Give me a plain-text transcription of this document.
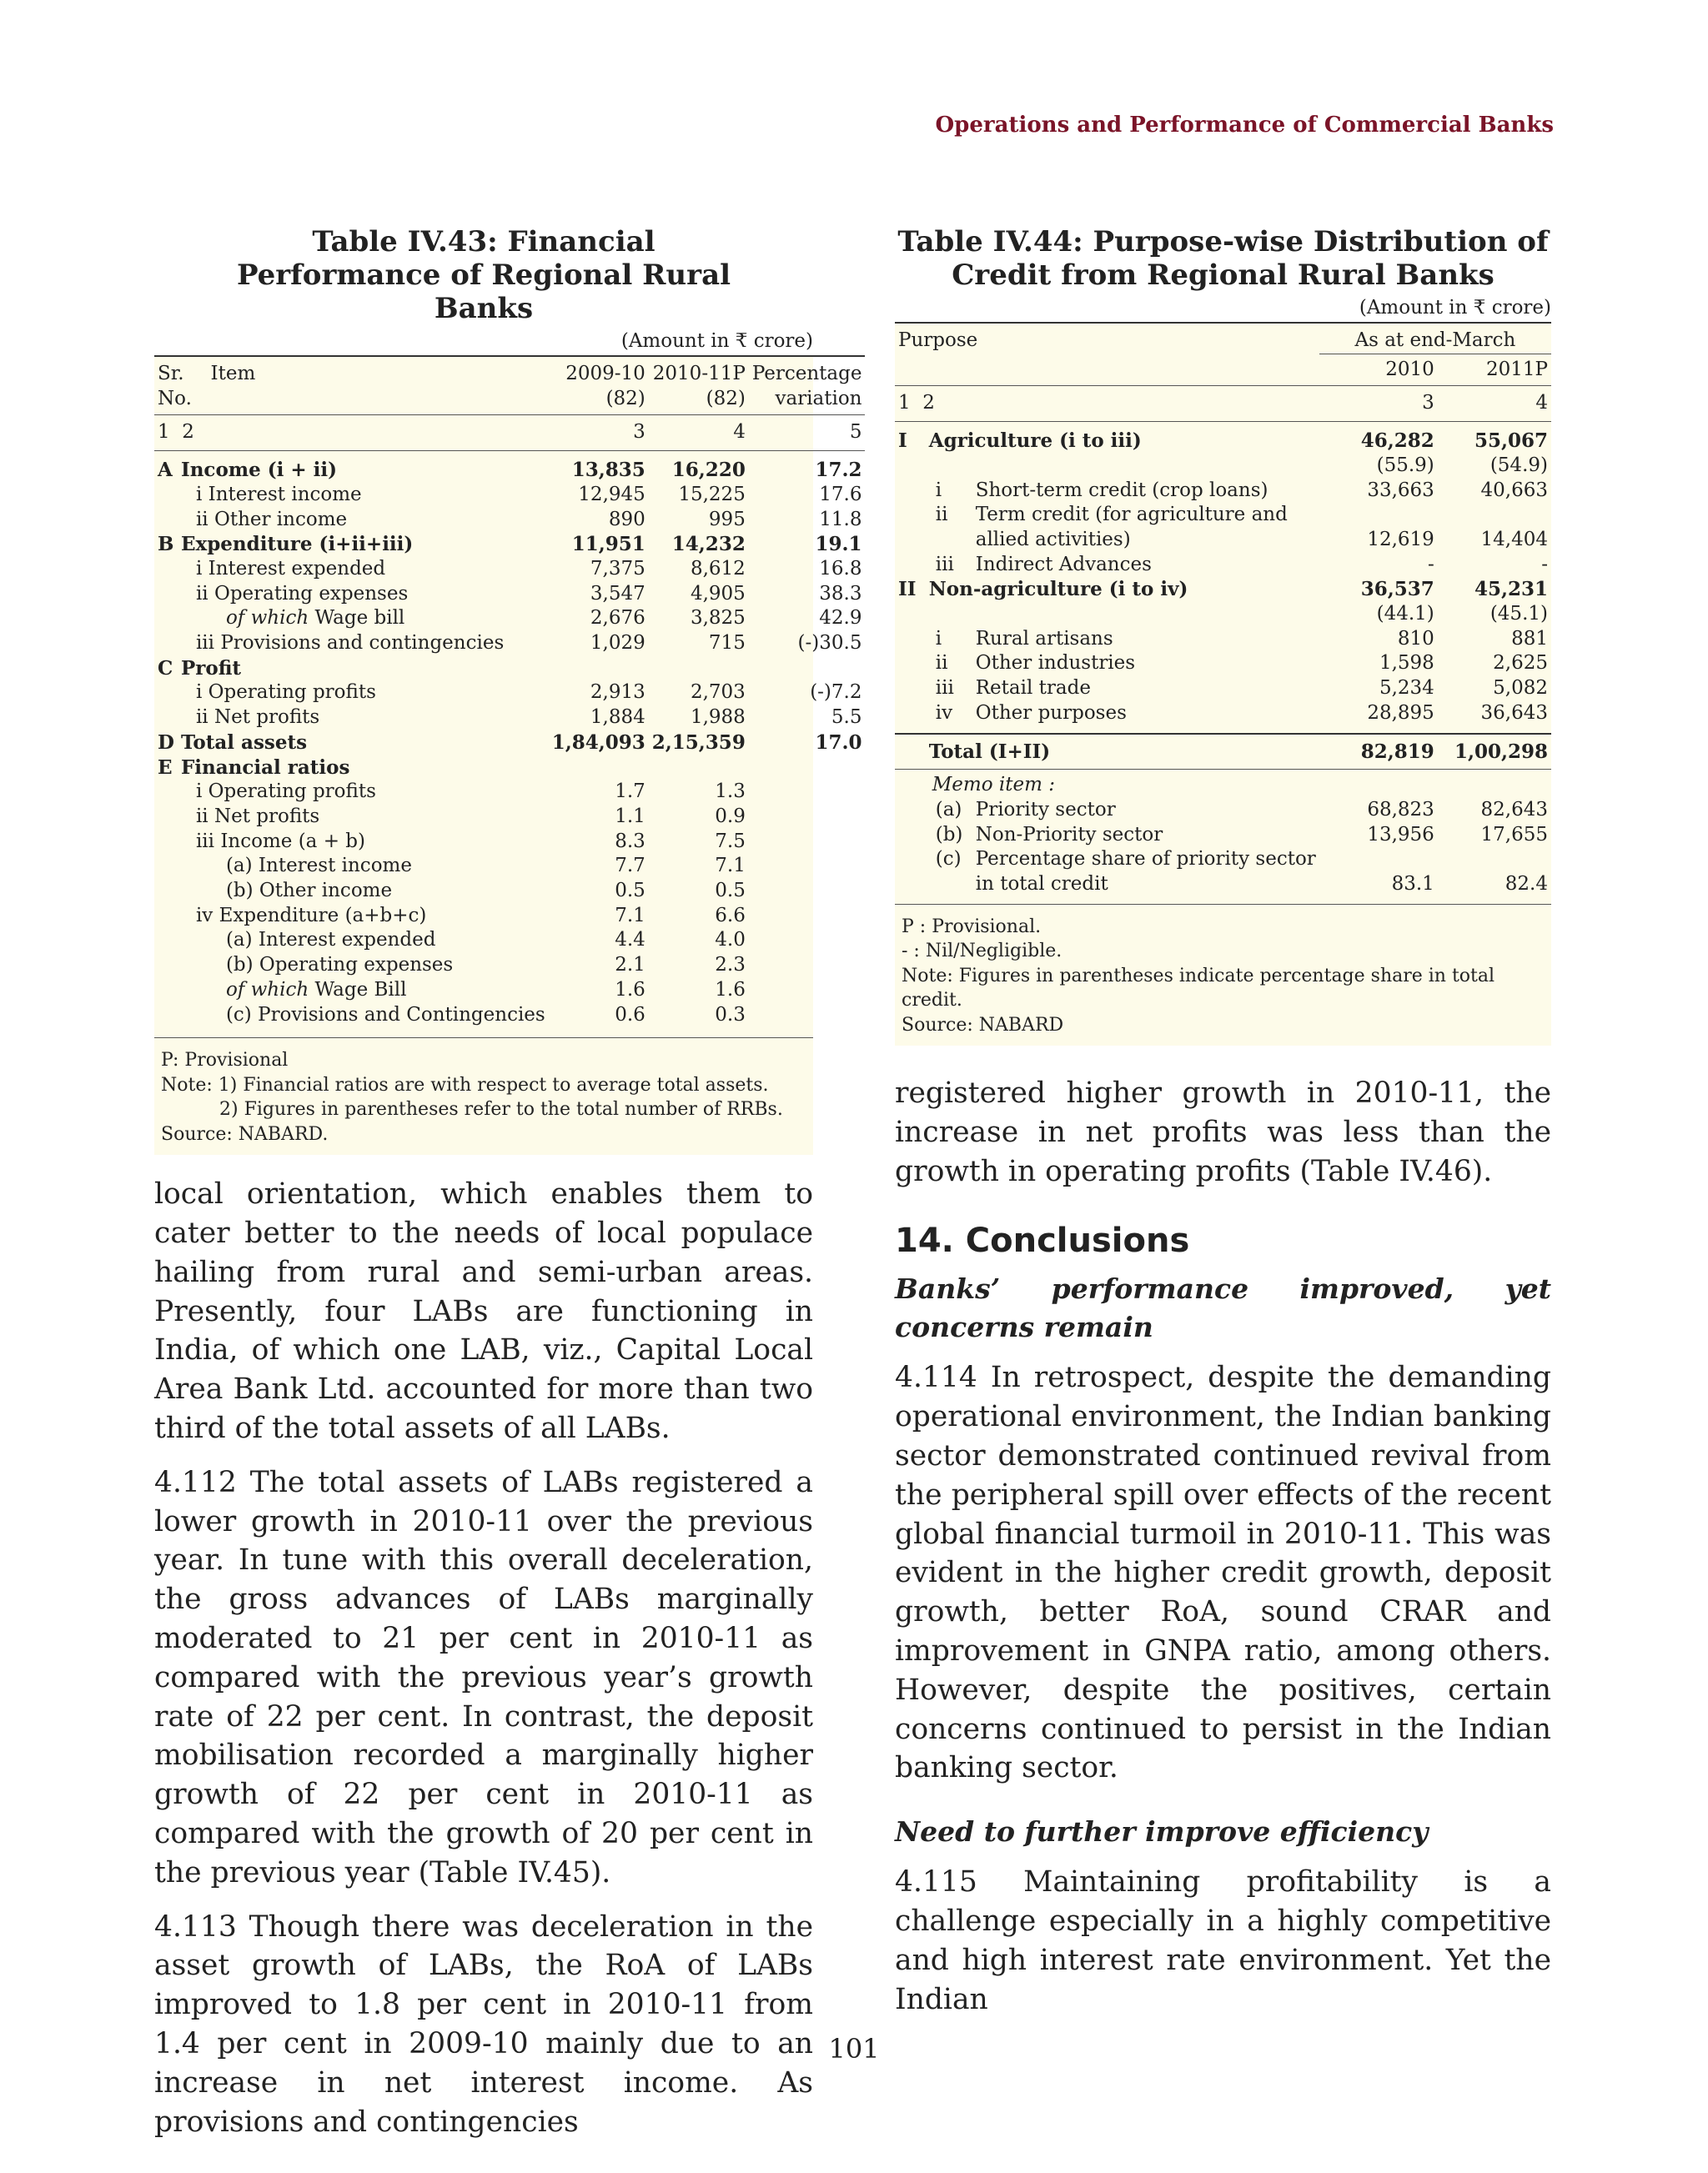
Operations and Performance of Commercial Banks
Table IV.43: Financial Performance of Regional Rural Banks
(Amount in ₹ crore)
Sr. Item		2009-10	2010-11P	Percentage
No.		(82)	(82)	variation
1 2		3	4	5
A	Income (i + ii)	13,835	16,220	17.2
	i Interest income	12,945	15,225	17.6
	ii Other income	890	995	11.8
B	Expenditure (i+ii+iii)	11,951	14,232	19.1
	i Interest expended	7,375	8,612	16.8
	ii Operating expenses	3,547	4,905	38.3
	of which Wage bill	2,676	3,825	42.9
	iii Provisions and contingencies	1,029	715	(-)30.5
C	Profit			
	i Operating profits	2,913	2,703	(-)7.2
	ii Net profits	1,884	1,988	5.5
D	Total assets	1,84,093	2,15,359	17.0
E	Financial ratios			
	i Operating profits	1.7	1.3	
	ii Net profits	1.1	0.9	
	iii Income (a + b)	8.3	7.5	
	(a) Interest income	7.7	7.1	
	(b) Other income	0.5	0.5	
	iv Expenditure (a+b+c)	7.1	6.6	
	(a) Interest expended	4.4	4.0	
	(b) Operating expenses	2.1	2.3	
	of which Wage Bill	1.6	1.6	
	(c) Provisions and Contingencies	0.6	0.3	

P: Provisional
Note: 1) Financial ratios are with respect to average total assets.
2) Figures in parentheses refer to the total number of RRBs.
Source: NABARD.

local orientation, which enables them to cater better to the needs of local populace hailing from rural and semi-urban areas. Presently, four LABs are functioning in India, of which one LAB, viz., Capital Local Area Bank Ltd. accounted for more than two third of the total assets of all LABs.

4.112 The total assets of LABs registered a lower growth in 2010-11 over the previous year. In tune with this overall deceleration, the gross advances of LABs marginally moderated to 21 per cent in 2010-11 as compared with the previous year’s growth rate of 22 per cent. In contrast, the deposit mobilisation recorded a marginally higher growth of 22 per cent in 2010-11 as compared with the growth of 20 per cent in the previous year (Table IV.45).

4.113 Though there was deceleration in the asset growth of LABs, the RoA of LABs improved to 1.8 per cent in 2010-11 from 1.4 per cent in 2009-10 mainly due to an increase in net interest income. As provisions and contingencies

Table IV.44: Purpose-wise Distribution of Credit from Regional Rural Banks
(Amount in ₹ crore)
Purpose		As at end-March	
		2010	2011P
1 2		3	4
I	Agriculture (i to iii)	46,282	55,067
		(55.9)	(54.9)
	i Short-term credit (crop loans)	33,663	40,663
	ii Term credit (for agriculture and		
	allied activities)	12,619	14,404
	iii Indirect Advances	-	-
II	Non-agriculture (i to iv)	36,537	45,231
		(44.1)	(45.1)
	i Rural artisans	810	881
	ii Other industries	1,598	2,625
	iii Retail trade	5,234	5,082
	iv Other purposes	28,895	36,643

	Total (I+II)	82,819	1,00,298
	Memo item :		
	(a) Priority sector	68,823	82,643
	(b) Non-Priority sector	13,956	17,655
	(c) Percentage share of priority sector		
	in total credit	83.1	82.4

P : Provisional.
- : Nil/Negligible.
Note: Figures in parentheses indicate percentage share in total credit.
Source: NABARD

registered higher growth in 2010-11, the increase in net profits was less than the growth in operating profits (Table IV.46).

14. Conclusions
Banks’ performance improved, yet concerns remain

4.114 In retrospect, despite the demanding operational environment, the Indian banking sector demonstrated continued revival from the peripheral spill over effects of the recent global financial turmoil in 2010-11. This was evident in the higher credit growth, deposit growth, better RoA, sound CRAR and improvement in GNPA ratio, among others. However, despite the positives, certain concerns continued to persist in the Indian banking sector.

Need to further improve efficiency

4.115 Maintaining profitability is a challenge especially in a highly competitive and high interest rate environment. Yet the Indian

101
